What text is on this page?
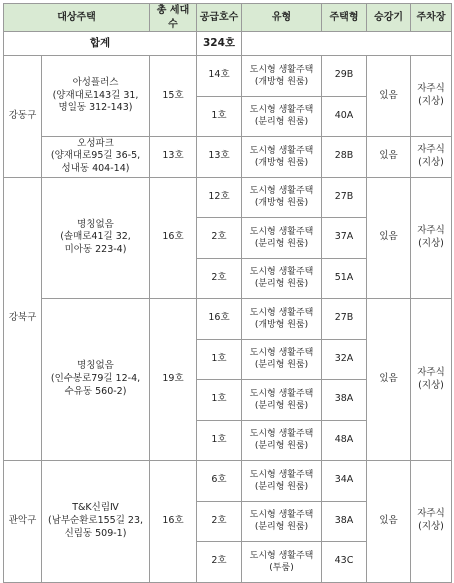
대상주택		총 세대수	공급호수	유형	주택형	승강기	주차장
합계			324호				
강동구	아성플러스
(양재대로143길 31,
명일동 312-143)	15호	14호	도시형 생활주택
(개방형 원룸)	29B	있음	자주식
(지상)
			1호	도시형 생활주택
(분리형 원룸)	40A		
	오성파크
(양재대로95길 36-5,
성내동 404-14)	13호	13호	도시형 생활주택
(개방형 원룸)	28B	있음	자주식
(지상)
강북구	명칭없음
(솔매로41길 32,
미아동 223-4)	16호	12호	도시형 생활주택
(개방형 원룸)	27B	있음	자주식
(지상)
			2호	도시형 생활주택
(분리형 원룸)	37A		
			2호	도시형 생활주택
(분리형 원룸)	51A		
	명칭없음
(인수봉로79길 12-4,
수유동 560-2)	19호	16호	도시형 생활주택
(개방형 원룸)	27B	있음	자주식
(지상)
			1호	도시형 생활주택
(분리형 원룸)	32A		
			1호	도시형 생활주택
(분리형 원룸)	38A		
			1호	도시형 생활주택
(분리형 원룸)	48A		
관악구	T&K신림Ⅳ
(남부순환로155길 23,
신림동 509-1)	16호	6호	도시형 생활주택
(분리형 원룸)	34A	있음	자주식
(지상)
			2호	도시형 생활주택
(분리형 원룸)	38A		
			2호	도시형 생활주택
(투룸)	43C		
